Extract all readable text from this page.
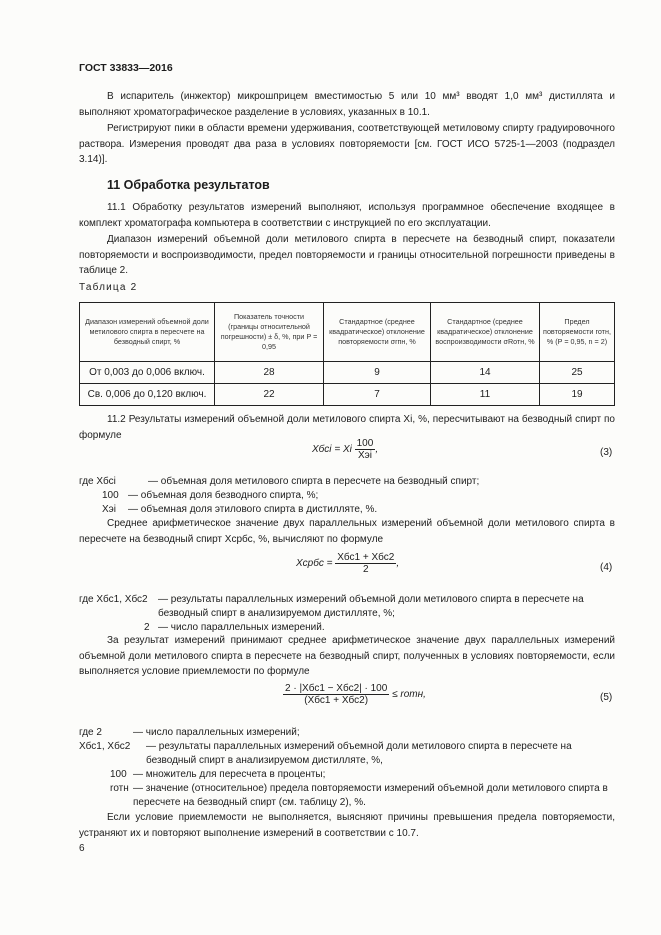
ГОСТ 33833—2016
В испаритель (инжектор) микрошприцем вместимостью 5 или 10 мм³ вводят 1,0 мм³ дистиллята и выполняют хроматографическое разделение в условиях, указанных в 10.1.
Регистрируют пики в области времени удерживания, соответствующей метиловому спирту градуировочного раствора. Измерения проводят два раза в условиях повторяемости [см. ГОСТ ИСО 5725-1—2003 (подраздел 3.14)].
11 Обработка результатов
11.1 Обработку результатов измерений выполняют, используя программное обеспечение входящее в комплект хроматографа компьютера в соответствии с инструкцией по его эксплуатации.
Диапазон измерений объемной доли метилового спирта в пересчете на безводный спирт, показатели повторяемости и воспроизводимости, предел повторяемости и границы относительной погрешности приведены в таблице 2.
Таблица 2
Диапазон измерений объемной доли метилового спирта в пересчете на безводный спирт, %	Показатель точности (границы относительной погрешности) ± δ, %, при P = 0,95	Стандартное (среднее квадратическое) отклонение повторяемости σrпн, %	Стандартное (среднее квадратическое) отклонение воспроизводимости σRотн, %	Предел повторяемости rотн, % (P = 0,95, n = 2)
От 0,003 до 0,006 включ.	28	9	14	25
Св. 0,006 до 0,120 включ.	22	7	11	19
11.2 Результаты измерений объемной доли метилового спирта Xi, %, пересчитывают на безводный спирт по формуле
Xбсi = Xi $\frac{100}{\text{Xэi}}$ ,	(3)
где Xбсi	— объемная доля метилового спирта в пересчете на безводный спирт;
100 — объемная доля безводного спирта, %;
Xэi — объемная доля этилового спирта в дистилляте, %.
Среднее арифметическое значение двух параллельных измерений объемной доли метилового спирта в пересчете на безводный спирт Xсрбс, %, вычисляют по формуле
Xсрбс = $\frac{\text{Xбс1 + Xбс2}}{2}$ ,	(4)
где Xбс1, Xбс2 — результаты параллельных измерений объемной доли метилового спирта в пересчете на безводный спирт в анализируемом дистилляте, %;
2 — число параллельных измерений.
За результат измерений принимают среднее арифметическое значение двух параллельных измерений объемной доли метилового спирта в пересчете на безводный спирт, полученных в условиях повторяемости, если выполняется условие приемлемости по формуле
$\frac{\text{2 · |Xбс1 − Xбс2| · 100}}{\text{(Xбс1 + Xбс2)}}$ ≤ rотн,	(5)
где 2	— число параллельных измерений;
Xбс1, Xбс2 — результаты параллельных измерений объемной доли метилового спирта в пересчете на безводный спирт в анализируемом дистилляте, %,
100 — множитель для пересчета в проценты;
rотн — значение (относительное) предела повторяемости измерений объемной доли метилового спирта в пересчете на безводный спирт (см. таблицу 2), %.
Если условие приемлемости не выполняется, выясняют причины превышения предела повторяемости, устраняют их и повторяют выполнение измерений в соответствии с 10.7.
6
